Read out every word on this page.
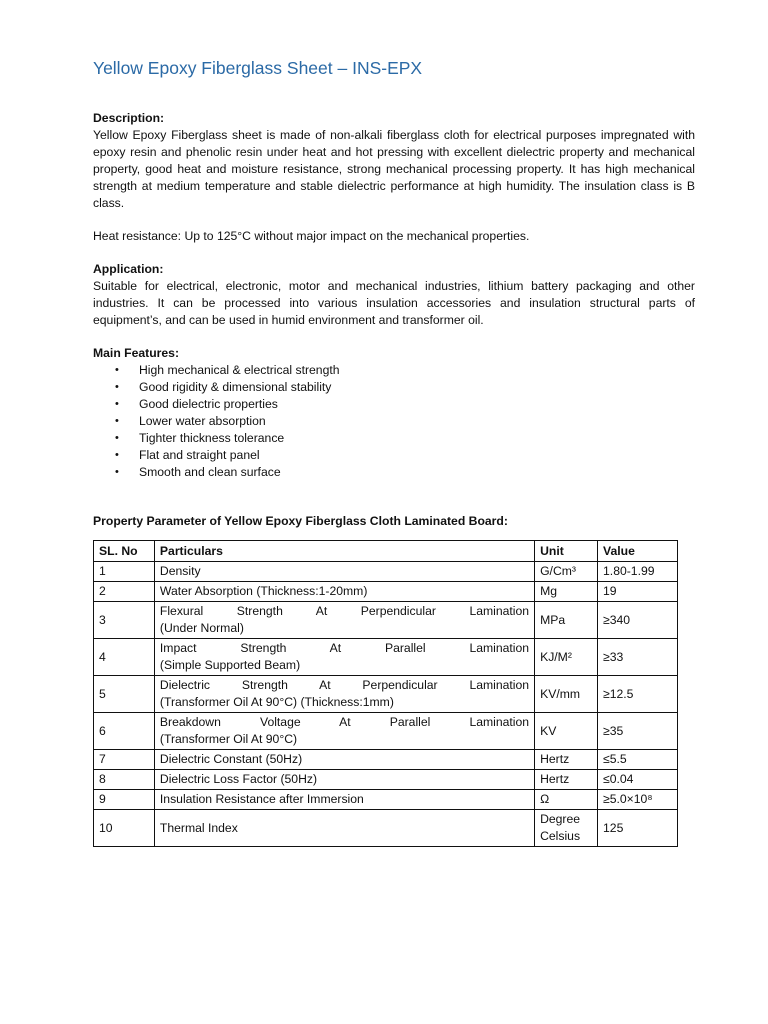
Yellow Epoxy Fiberglass Sheet – INS-EPX

Description:

Yellow Epoxy Fiberglass sheet is made of non-alkali fiberglass cloth for electrical purposes impregnated with epoxy resin and phenolic resin under heat and hot pressing with excellent dielectric property and mechanical property, good heat and moisture resistance, strong mechanical processing property. It has high mechanical strength at medium temperature and stable dielectric performance at high humidity. The insulation class is B class.

Heat resistance: Up to 125°C without major impact on the mechanical properties.

Application:

Suitable for electrical, electronic, motor and mechanical industries, lithium battery packaging and other industries. It can be processed into various insulation accessories and insulation structural parts of equipment’s, and can be used in humid environment and transformer oil.

Main Features:

• High mechanical & electrical strength
• Good rigidity & dimensional stability
• Good dielectric properties
• Lower water absorption
• Tighter thickness tolerance
• Flat and straight panel
• Smooth and clean surface

Property Parameter of Yellow Epoxy Fiberglass Cloth Laminated Board:

SL. No	Particulars	Unit	Value
1	Density	G/Cm³	1.80-1.99
2	Water Absorption (Thickness:1-20mm)	Mg	19
3	Flexural Strength At Perpendicular Lamination
(Under Normal)	MPa	≥340
4	Impact Strength At Parallel Lamination
(Simple Supported Beam)	KJ/M²	≥33
5	Dielectric Strength At Perpendicular Lamination
(Transformer Oil At 90°C) (Thickness:1mm)	KV/mm	≥12.5
6	Breakdown Voltage At Parallel Lamination
(Transformer Oil At 90°C)	KV	≥35
7	Dielectric Constant (50Hz)	Hertz	≤5.5
8	Dielectric Loss Factor (50Hz)	Hertz	≤0.04
9	Insulation Resistance after Immersion	Ω	≥5.0×10⁸
10	Thermal Index	Degree Celsius	125
